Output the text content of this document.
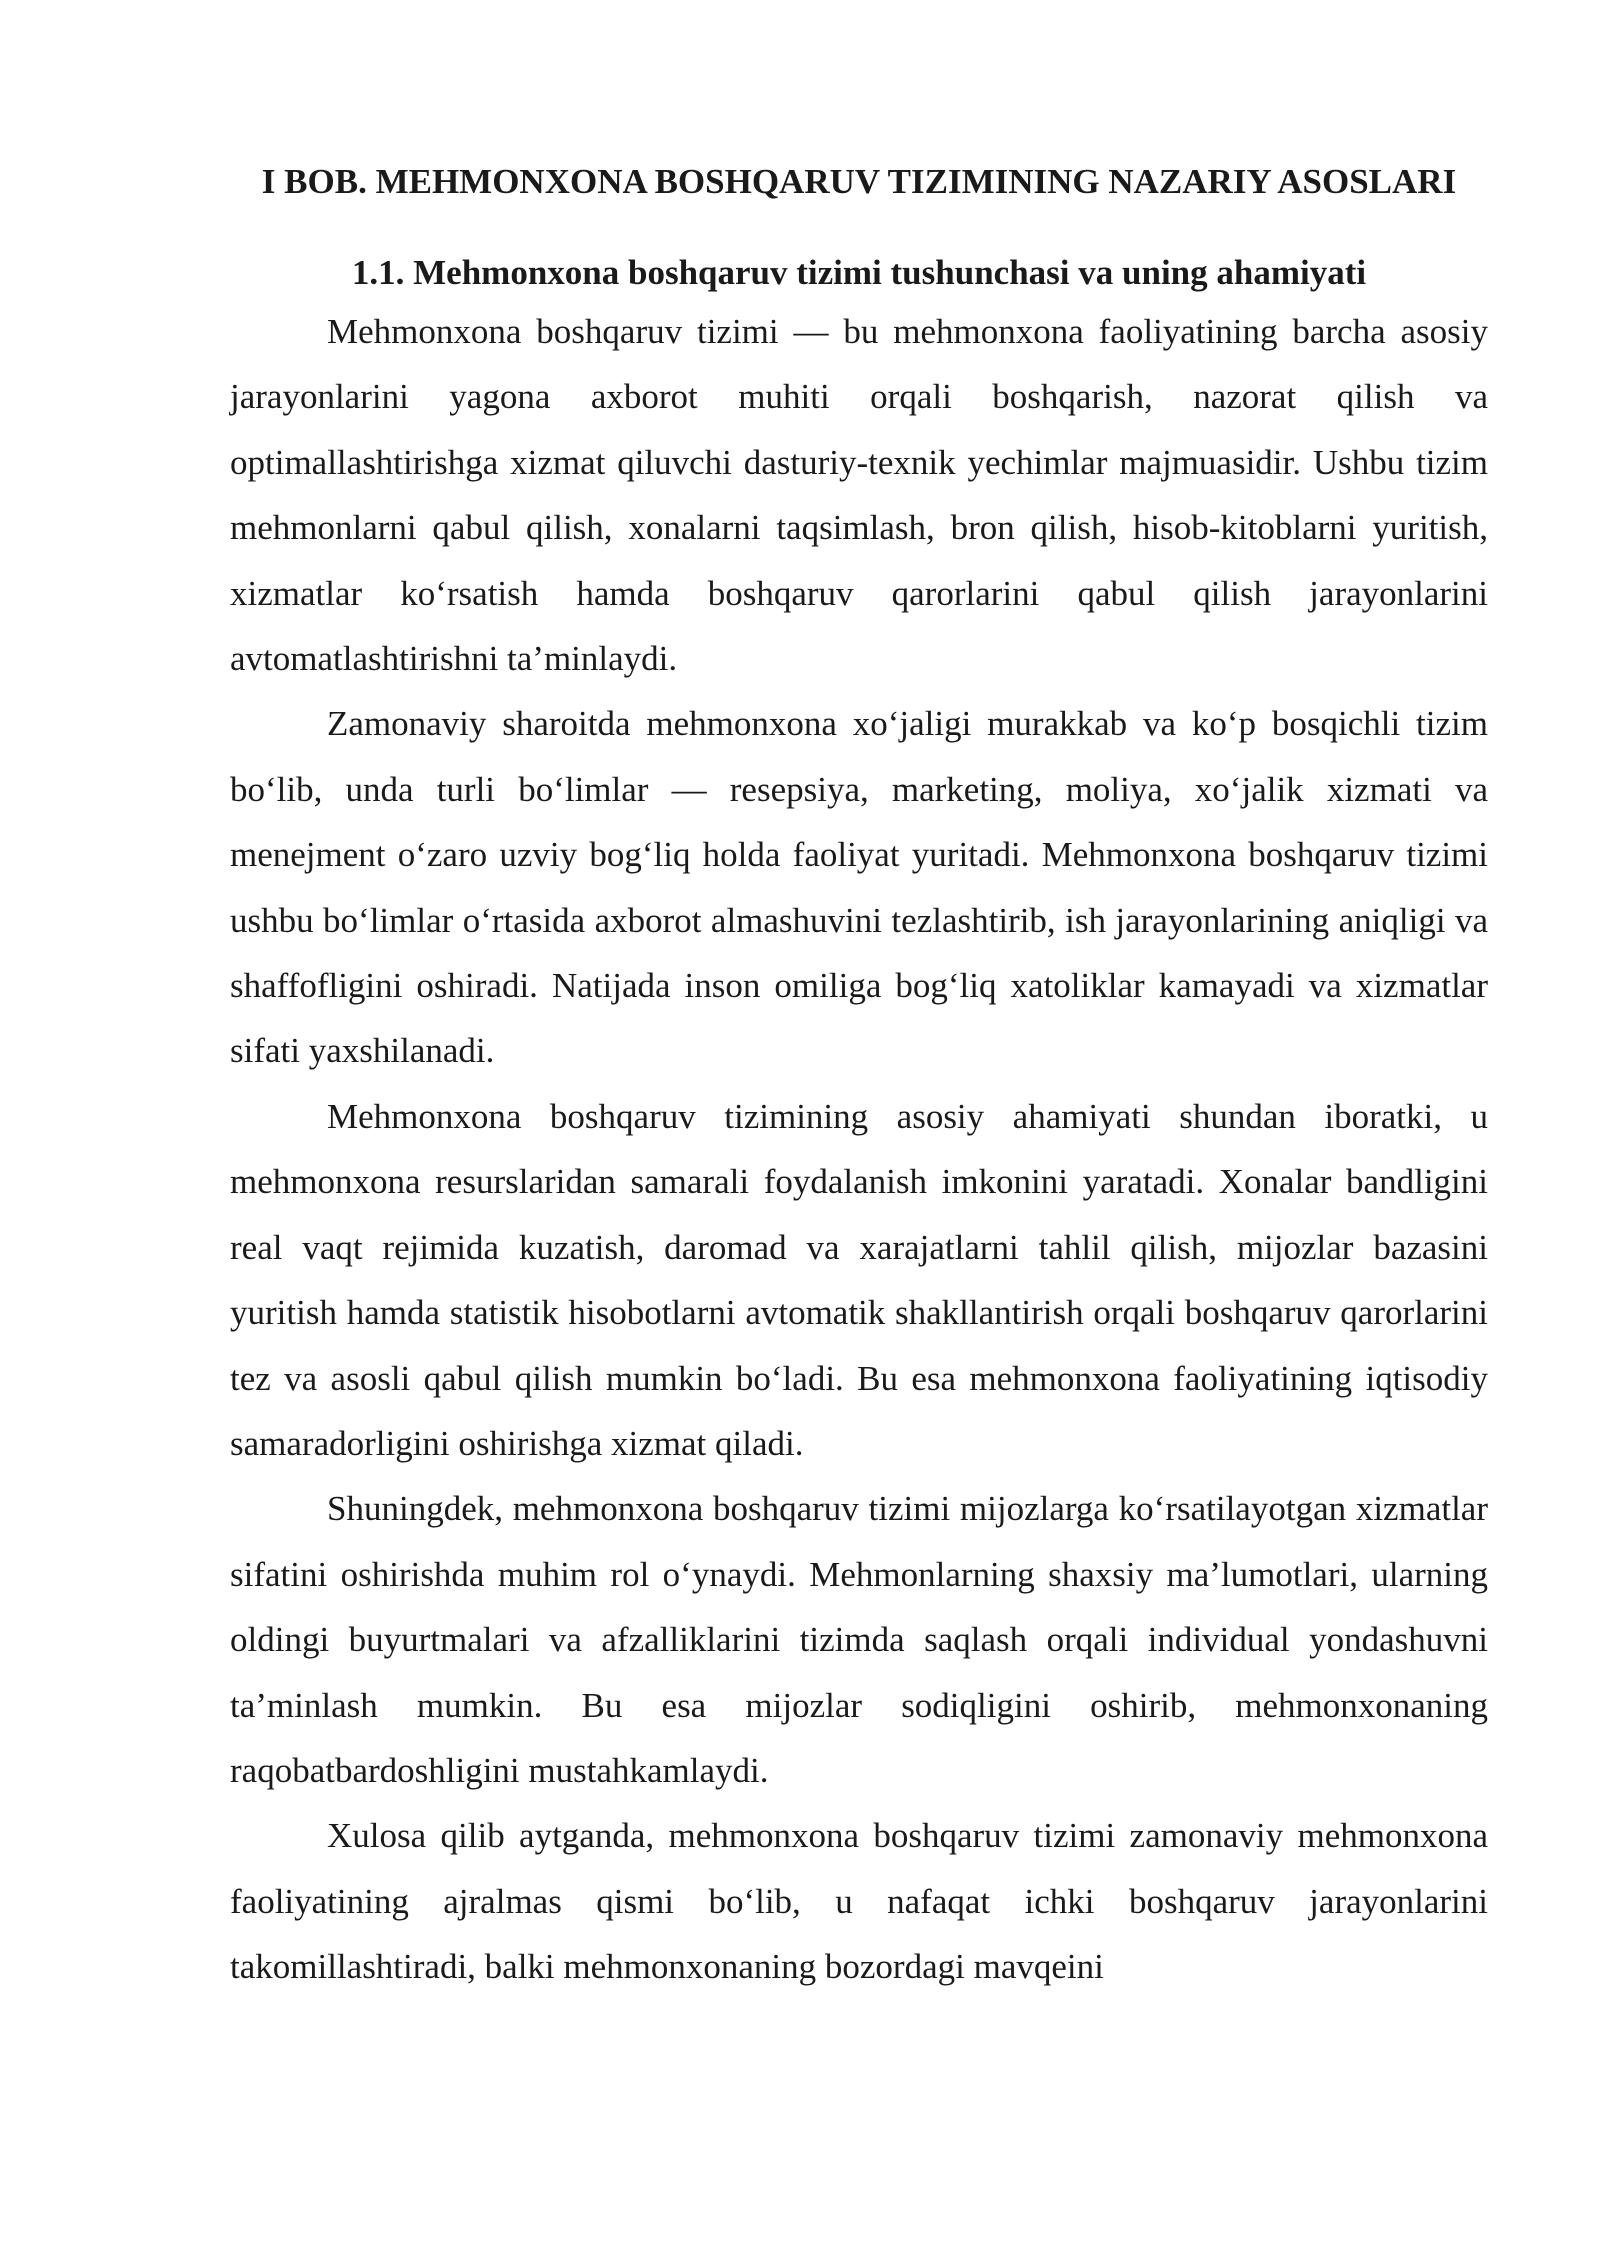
I BOB. MEHMONXONA BOSHQARUV TIZIMINING NAZARIY ASOSLARI
1.1. Mehmonxona boshqaruv tizimi tushunchasi va uning ahamiyati

Mehmonxona boshqaruv tizimi — bu mehmonxona faoliyatining barcha asosiy jarayonlarini yagona axborot muhiti orqali boshqarish, nazorat qilish va optimallashtirishga xizmat qiluvchi dasturiy-texnik yechimlar majmuasidir. Ushbu tizim mehmonlarni qabul qilish, xonalarni taqsimlash, bron qilish, hisob-kitoblarni yuritish, xizmatlar ko‘rsatish hamda boshqaruv qarorlarini qabul qilish jarayonlarini avtomatlashtirishni ta’minlaydi.

Zamonaviy sharoitda mehmonxona xo‘jaligi murakkab va ko‘p bosqichli tizim bo‘lib, unda turli bo‘limlar — resepsiya, marketing, moliya, xo‘jalik xizmati va menejment o‘zaro uzviy bog‘liq holda faoliyat yuritadi. Mehmonxona boshqaruv tizimi ushbu bo‘limlar o‘rtasida axborot almashuvini tezlashtirib, ish jarayonlarining aniqligi va shaffofligini oshiradi. Natijada inson omiliga bog‘liq xatoliklar kamayadi va xizmatlar sifati yaxshilanadi.

Mehmonxona boshqaruv tizimining asosiy ahamiyati shundan iboratki, u mehmonxona resurslaridan samarali foydalanish imkonini yaratadi. Xonalar bandligini real vaqt rejimida kuzatish, daromad va xarajatlarni tahlil qilish, mijozlar bazasini yuritish hamda statistik hisobotlarni avtomatik shakllantirish orqali boshqaruv qarorlarini tez va asosli qabul qilish mumkin bo‘ladi. Bu esa mehmonxona faoliyatining iqtisodiy samaradorligini oshirishga xizmat qiladi.

Shuningdek, mehmonxona boshqaruv tizimi mijozlarga ko‘rsatilayotgan xizmatlar sifatini oshirishda muhim rol o‘ynaydi. Mehmonlarning shaxsiy ma’lumotlari, ularning oldingi buyurtmalari va afzalliklarini tizimda saqlash orqali individual yondashuvni ta’minlash mumkin. Bu esa mijozlar sodiqligini oshirib, mehmonxonaning raqobatbardoshligini mustahkamlaydi.

Xulosa qilib aytganda, mehmonxona boshqaruv tizimi zamonaviy mehmonxona faoliyatining ajralmas qismi bo‘lib, u nafaqat ichki boshqaruv jarayonlarini takomillashtiradi, balki mehmonxonaning bozordagi mavqeini
